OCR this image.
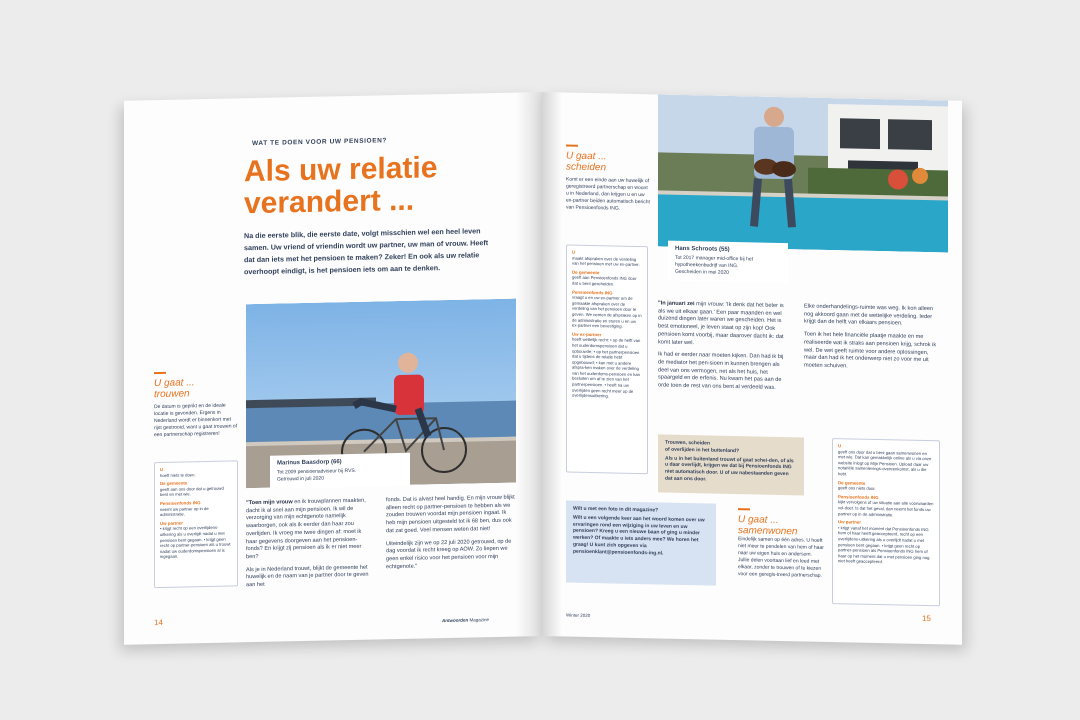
WAT TE DOEN VOOR UW PENSIOEN?
Als uw relatie verandert ...
Na die eerste blik, die eerste date, volgt misschien wel een heel leven samen. Uw vriend of vriendin wordt uw partner, uw man of vrouw. Heeft dat dan iets met het pensioen te maken? Zeker! En ook als uw relatie overhoopt eindigt, is het pensioen iets om aan te denken.
Marinus Baasdorp (66)
Tot 2009 pensioenadviseur bij RVS.
Getrouwd in juli 2020
U gaat ...
trouwen
De datum is geprikt en de ideale locatie is gevonden. Ergens in Nederland wordt er binnenkort met rijst gestrooid, want u gaat trouwen of een partnerschap registreren!
U
hoeft niets te doen.
De gemeente
geeft aan ons door dat u getrouwd bent en met wie.
Pensioenfonds ING
neemt uw partner op in de administratie.
Uw partner
• krijgt recht op een overlijdens-uitkering als u overlijdt nadat u met pensioen bent gegaan. • krijgt geen recht op partner-pensioen als u trouwt nadat uw ouderdomspensioen al is ingegaan.
"Toen mijn vrouw en ik trouwplannen maakten, dacht ik al snel aan mijn pensioen. Ik wil de verzorging van mijn echtgenote namelijk waarborgen, ook als ik eerder dan haar zou overlijden. Ik vroeg me twee dingen af: moet ik haar gegevens doorgeven aan het pensioen-fonds? En krijgt zij pensioen als ik er niet meer ben?
Als je in Nederland trouwt, blijkt de gemeente het huwelijk en de naam van je partner door te geven aan het
fonds. Dat is alvast heel handig. En mijn vrouw blijkt alleen recht op partner-pensioen te hebben als we zouden trouwen voordat mijn pensioen ingaat. Ik heb mijn pensioen uitgesteld tot ik 68 ben, dus ook dat zat goed. Veel mensen weten dat niet!
Uiteindelijk zijn we op 22 juli 2020 getrouwd, op de dag voordat ik recht kreeg op AOW. Zo liepen we geen enkel risico voor het pensioen voor mijn echtgenote."
14	Antwoorden Magazine
U gaat ...
scheiden
Komt er een einde aan uw huwelijk of geregistreerd partnerschap en woont u in Nederland, dan krijgen u en uw ex-partner beiden automatisch bericht van Pensioenfonds ING.
Hans Schroots (55)
Tot 2017 manager mid-office bij het hypotheekenbedrijf van ING.
Gescheiden in mei 2020
U
maakt afspraken over de verdeling van het pensioen met uw ex-partner.
De gemeente
geeft aan Pensioenfonds ING door dat u bent gescheiden.
Pensioenfonds ING
vraagt u en uw ex-partner om de gemaakte afspraken over de verdeling van het pensioen door te geven. We nemen de afspraken op in de administratie en sturen u en uw ex-partner een bevestiging.
Uw ex-partner
heeft wettelijk recht: • op de helft van het ouderdomspensioen dat u opbouwde; • op het partnerpensioen dat u tijdens de relatie hebt opgebouwd; • kan met u andere afspra-ken maken over de verdeling van het ouderdoms-pensioen en kan besluiten om af te zien van het partnerpensioen. • heeft na uw overlijden geen recht meer op de overlijdensuitkering.
"In januari zei mijn vrouw: 'Ik denk dat het beter is als we uit elkaar gaan.' Een paar maanden en wel duizend dingen later waren we gescheiden. Het is best emotioneel, je leven staat op zijn kop! Ook pensioen komt voorbij, maar daarover dacht ik: dat komt later wel.
Ik had er eerder naar moeten kijken. Dan had ik bij de mediator het pen-sioen in kunnen brengen als deel van ons vermogen, net als het huis, het spaargeld en de erfenis. Nu kwam het pas aan de orde toen de rest van ons bent al verdeeld was.
Elke onderhandelings-ruimte was weg. Ik kon alleen nog akkoord gaan met de wettelijke verdeling. Ieder krijgt dan de helft van elkaars pensioen.
Toen ik het hele financiële plaatje maakte en me realiseerde wat ik straks aan pensioen krijg, schrok ik wel. De wet geeft ruimte voor andere oplossingen, maar dan had ik het onderwerp niet zo voor me uit moeten schuiven.
Trouwen, scheiden
of overlijden in het buitenland?
Als u in het buitenland trouwt of gaat schei-den, of als u daar overlijdt, krijgen we dat bij Pensioenfonds ING niet automatisch door. U of uw nabestaanden geven dat aan ons door.
U
geeft ons door dat u bent gaan samenwonen en met wie. Dat kan gemakkelijk online als u via onze website inlogt op Mijn Pensioen. Upload daar uw notariële samenlevings-overeenkomst, als u die hebt.
De gemeente
geeft ons niets door.
Pensioenfonds ING
kijkt vervolgens of uw situatie aan alle voorwaarden vol-doet. Is dat het geval, dan neemt het fonds uw partner op in de administratie.
Uw partner
• krijgt vanaf het moment dat Pensioenfonds ING hem of haar heeft geaccepteerd, recht op een overlijdens-uitkering als u overlijdt nadat u met pensioen bent gegaan. • krijgt geen recht op partner-pensioen als Pensioenfonds ING hem of haar op het moment dat u met pensioen ging nog niet heeft geaccepteerd.
Wilt u met een foto in dit magazine?
Wilt u een volgende keer aan het woord komen over uw ervaringen rond een wijziging in uw leven en uw pensioen? Kreeg u een nieuwe baan of ging u minder werken? Of maakte u iets anders mee? We horen het graag! U kunt zich opgeven via pensioenklant@pensioenfonds-ing.nl.
U gaat ...
samenwonen
Eindelijk samen op één adres. U hoeft niet meer te pendelen van hem of haar naar uw eigen huis en andersom. Jullie delen voortaan lief en leed met elkaar, zonder te trouwen of te kiezen voor een geregis-treerd partnerschap.
Winter 2020	15
